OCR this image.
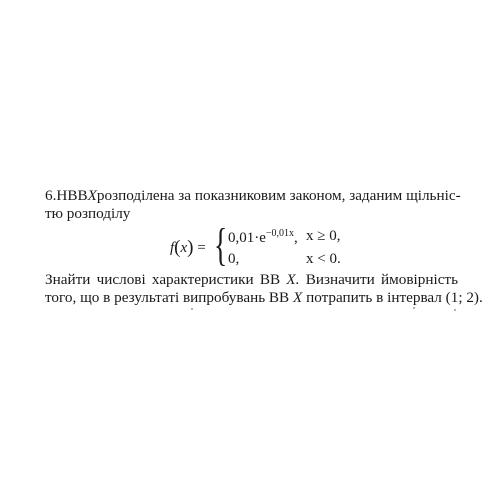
6. НВВ X розподілена за показниковим законом, заданим щільніс-
тю розподілу
f(x) = { $0,01\cdot e^{-0,01x}$, x ≥ 0,
0,	x < 0.
Знайти числові характеристики ВВ X. Визначити ймовірність
того, що в результаті випробувань ВВ X потрапить в інтервал (1; 2).
